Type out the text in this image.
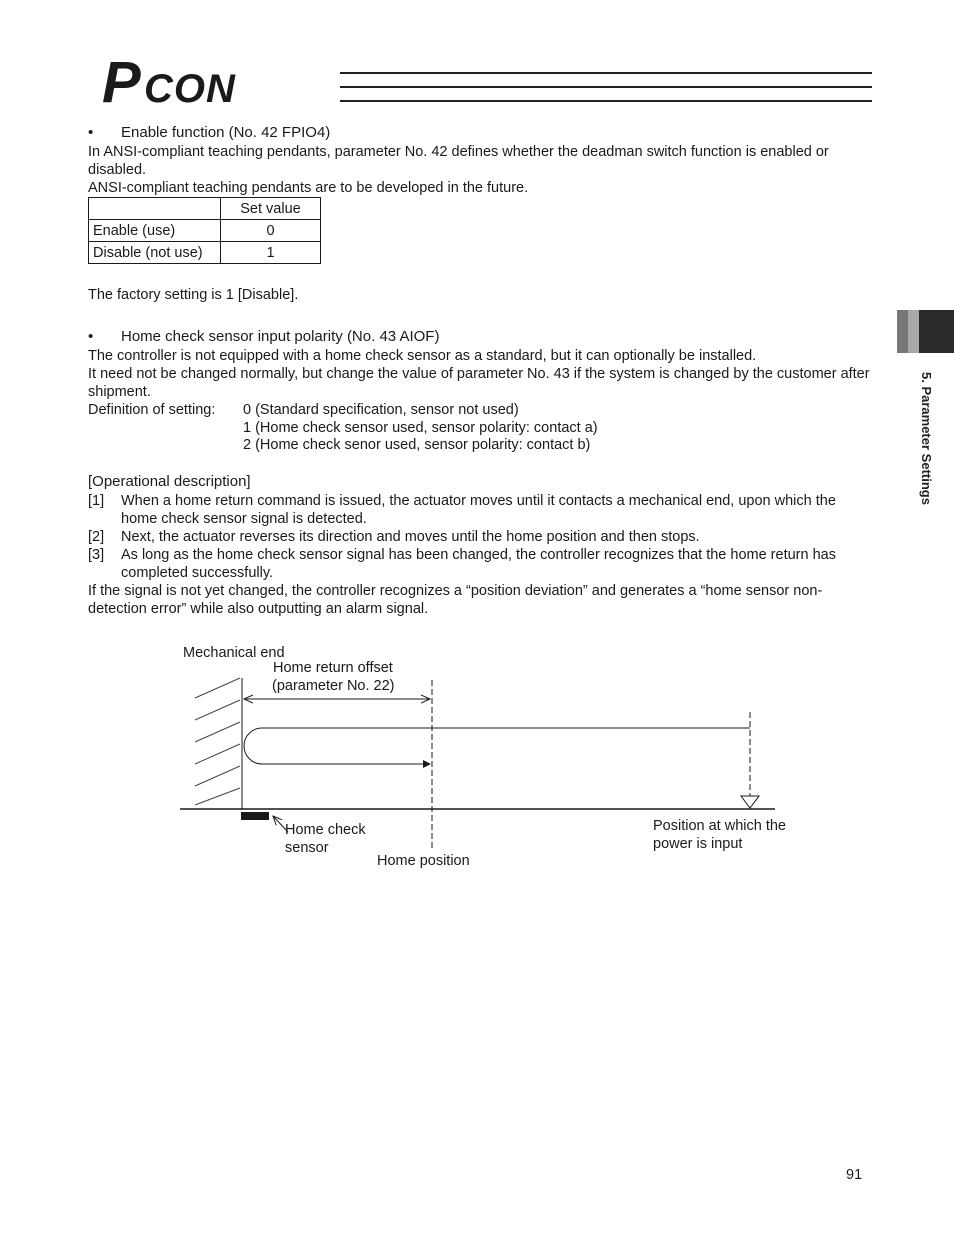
P CON
• Enable function (No. 42 FPIO4)
In ANSI-compliant teaching pendants, parameter No. 42 defines whether the deadman switch function is enabled or disabled.
ANSI-compliant teaching pendants are to be developed in the future.
	Set value
Enable (use)	0
Disable (not use)	1
The factory setting is 1 [Disable].
• Home check sensor input polarity (No. 43 AIOF)
The controller is not equipped with a home check sensor as a standard, but it can optionally be installed.
It need not be changed normally, but change the value of parameter No. 43 if the system is changed by the customer after shipment.
Definition of setting: 0 (Standard specification, sensor not used)
1 (Home check sensor used, sensor polarity: contact a)
2 (Home check senor used, sensor polarity: contact b)
[Operational description]
[1] When a home return command is issued, the actuator moves until it contacts a mechanical end, upon which the home check sensor signal is detected.
[2] Next, the actuator reverses its direction and moves until the home position and then stops.
[3] As long as the home check sensor signal has been changed, the controller recognizes that the home return has completed successfully.
If the signal is not yet changed, the controller recognizes a “position deviation” and generates a “home sensor non-detection error” while also outputting an alarm signal.
Mechanical end
Home return offset
(parameter No. 22)
Home check
sensor
Home position
Position at which the
power is input
5. Parameter Settings
91
